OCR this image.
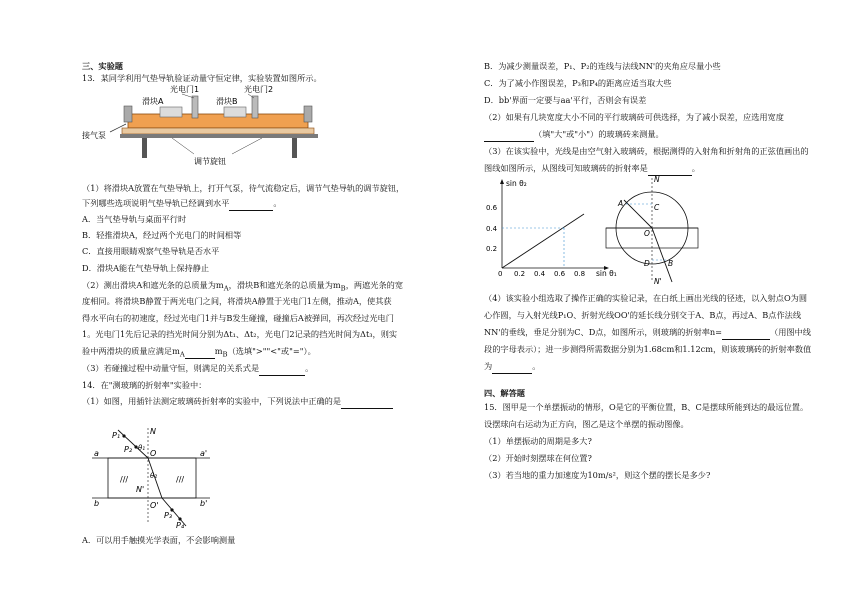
三、实验题
13．某同学利用气垫导轨验证动量守恒定律，实验装置如图所示。
光电门1	光电门2
滑块A	滑块B
接气泵
调节旋钮
（1）将滑块A放置在气垫导轨上，打开气泵，待气流稳定后，调节气垫导轨的调节旋钮，
下列哪些选项说明气垫导轨已经调到水平	。
A．当气垫导轨与桌面平行时
B．轻推滑块A，经过两个光电门的时间相等
C．直接用眼睛观察气垫导轨是否水平
D．滑块A能在气垫导轨上保持静止
（2）测出滑块A和遮光条的总质量为$m_A$，滑块B和遮光条的总质量为$m_B$，两遮光条的宽
度相同。将滑块B静置于两光电门之间，将滑块A静置于光电门1左侧，推动A，使其获
得水平向右的初速度，经过光电门1并与B发生碰撞，碰撞后A被弹回，再次经过光电门
1。光电门1先后记录的挡光时间分别为Δt₁、Δt₂，光电门2记录的挡光时间为Δt₃，则实
验中两滑块的质量应满足$m_A$	$m_B$（选填">""<"或"="）。
（3）若碰撞过程中动量守恒，则满足的关系式是	。
14．在"测玻璃的折射率"实验中：
（1）如图，用插针法测定玻璃砖折射率的实验中，下列说法中正确的是
P₁
P₂
P₃
P₄
N
N'
O
O'
a	a'
b	b'
θ₁
θ₂
///	///
A．可以用手触摸光学表面，不会影响测量
B．为减少测量误差，P₁、P₂的连线与法线NN'的夹角应尽量小些
C．为了减小作图误差，P₃和P₄的距离应适当取大些
D．bb'界面一定要与aa'平行，否则会有误差
（2）如果有几块宽度大小不同的平行玻璃砖可供选择，为了减小误差，应选用宽度
（填"大"或"小"）的玻璃砖来测量。
（3）在该实验中，光线是由空气射入玻璃砖，根据测得的入射角和折射角的正弦值画出的
图线如图所示，从图线可知玻璃砖的折射率是	。
sin θ₂
sin θ₁
0.6
0.4
0.2
0 0.2 0.4 0.6 0.8
N
N'
A	C
O
D B
（4）该实验小组选取了操作正确的实验记录，在白纸上画出光线的径迹，以入射点O为圆
心作圆，与入射光线P₁O、折射光线OO'的延长线分别交于A、B点，再过A、B点作法线
NN'的垂线，垂足分别为C、D点，如图所示，则玻璃的折射率n=	（用图中线
段的字母表示）；进一步测得所需数据分别为1.68cm和1.12cm，则该玻璃砖的折射率数值
为	。
四、解答题
15．图甲是一个单摆振动的情形，O是它的平衡位置，B、C是摆球所能到达的最远位置。
设摆球向右运动为正方向，图乙是这个单摆的振动图像。
（1）单摆振动的周期是多大?
（2）开始时刻摆球在何位置?
（3）若当地的重力加速度为10m/s²，则这个摆的摆长是多少?
